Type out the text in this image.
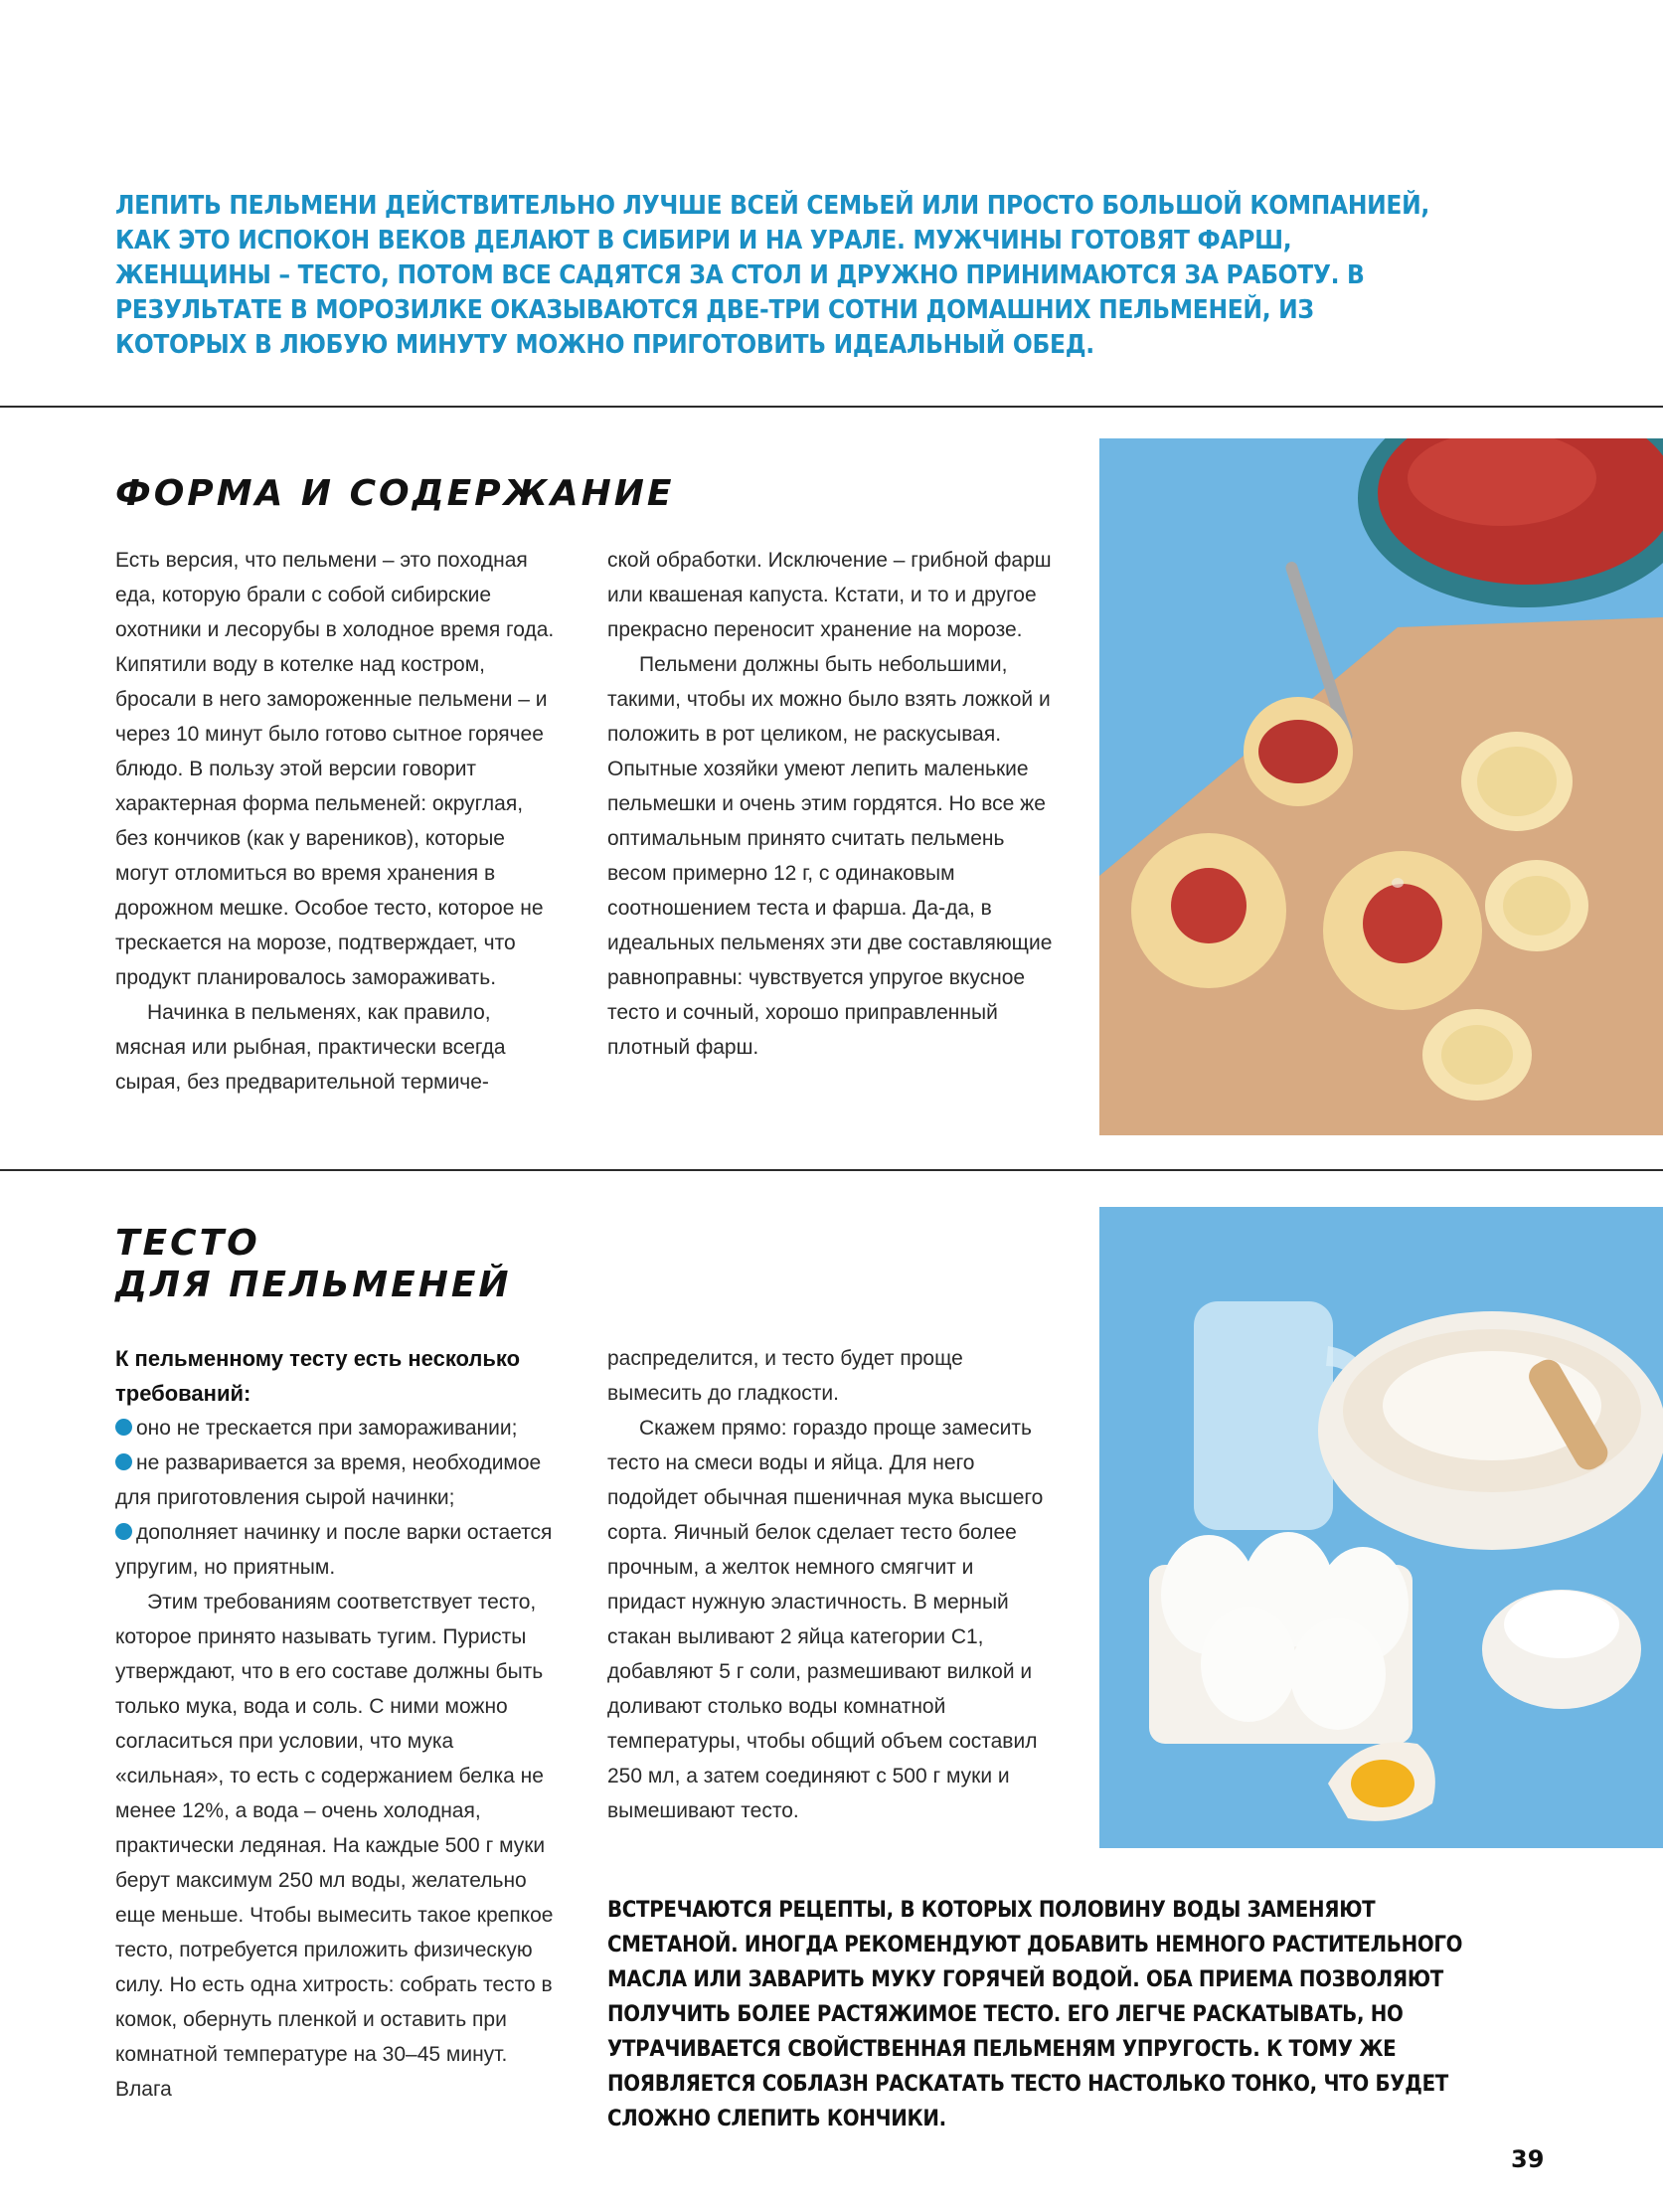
ЛЕПИТЬ ПЕЛЬМЕНИ ДЕЙСТВИТЕЛЬНО ЛУЧШЕ ВСЕЙ СЕМЬЕЙ ИЛИ ПРОСТО БОЛЬШОЙ КОМПАНИЕЙ, КАК ЭТО ИСПОКОН ВЕКОВ ДЕЛАЮТ В СИБИРИ И НА УРАЛЕ. МУЖЧИНЫ ГОТОВЯТ ФАРШ, ЖЕНЩИНЫ – ТЕСТО, ПОТОМ ВСЕ САДЯТСЯ ЗА СТОЛ И ДРУЖНО ПРИНИМАЮТСЯ ЗА РАБОТУ. В РЕЗУЛЬТАТЕ В МОРОЗИЛКЕ ОКАЗЫВАЮТСЯ ДВЕ-ТРИ СОТНИ ДОМАШНИХ ПЕЛЬМЕНЕЙ, ИЗ КОТОРЫХ В ЛЮБУЮ МИНУТУ МОЖНО ПРИГОТОВИТЬ ИДЕАЛЬНЫЙ ОБЕД.
ФОРМА И СОДЕРЖАНИЕ

Есть версия, что пельмени – это походная еда, которую брали с собой сибирские охотники и лесорубы в холодное время года. Кипятили воду в котелке над костром, бросали в него замороженные пельмени – и через 10 минут было готово сытное горячее блюдо. В пользу этой версии говорит характерная форма пельменей: округлая, без кончиков (как у вареников), которые могут отломиться во время хранения в дорожном мешке. Особое тесто, которое не трескается на морозе, подтверждает, что продукт планировалось замораживать.

Начинка в пельменях, как правило, мясная или рыбная, практически всегда сырая, без предварительной термиче-

ской обработки. Исключение – грибной фарш или квашеная капуста. Кстати, и то и другое прекрасно переносит хранение на морозе.

Пельмени должны быть небольшими, такими, чтобы их можно было взять ложкой и положить в рот целиком, не раскусывая. Опытные хозяйки умеют лепить маленькие пельмешки и очень этим гордятся. Но все же оптимальным принято считать пельмень весом примерно 12 г, с одинаковым соотношением теста и фарша. Да-да, в идеальных пельменях эти две составляющие равноправны: чувствуется упругое вкусное тесто и сочный, хорошо приправленный плотный фарш.

ТЕСТО
ДЛЯ ПЕЛЬМЕНЕЙ

К пельменному тесту есть несколько требований:

оно не трескается при замораживании;

не разваривается за время, необходимое для приготовления сырой начинки;

дополняет начинку и после варки остается упругим, но приятным.

Этим требованиям соответствует тесто, которое принято называть тугим. Пуристы утверждают, что в его составе должны быть только мука, вода и соль. С ними можно согласиться при условии, что мука «сильная», то есть с содержанием белка не менее 12%, а вода – очень холодная, практически ледяная. На каждые 500 г муки берут максимум 250 мл воды, желательно еще меньше. Чтобы вымесить такое крепкое тесто, потребуется приложить физическую силу. Но есть одна хитрость: собрать тесто в комок, обернуть пленкой и оставить при комнатной температуре на 30–45 минут. Влага

распределится, и тесто будет проще вымесить до гладкости.

Скажем прямо: гораздо проще замесить тесто на смеси воды и яйца. Для него подойдет обычная пшеничная мука высшего сорта. Яичный белок сделает тесто более прочным, а желток немного смягчит и придаст нужную эластичность. В мерный стакан выливают 2 яйца категории С1, добавляют 5 г соли, размешивают вилкой и доливают столько воды комнатной температуры, чтобы общий объем составил 250 мл, а затем соединяют с 500 г муки и вымешивают тесто.

ВСТРЕЧАЮТСЯ РЕЦЕПТЫ, В КОТОРЫХ ПОЛОВИНУ ВОДЫ ЗАМЕНЯЮТ СМЕТАНОЙ. ИНОГДА РЕКОМЕНДУЮТ ДОБАВИТЬ НЕМНОГО РАСТИТЕЛЬНОГО МАСЛА ИЛИ ЗАВАРИТЬ МУКУ ГОРЯЧЕЙ ВОДОЙ. ОБА ПРИЕМА ПОЗВОЛЯЮТ ПОЛУЧИТЬ БОЛЕЕ РАСТЯЖИМОЕ ТЕСТО. ЕГО ЛЕГЧЕ РАСКАТЫВАТЬ, НО УТРАЧИВАЕТСЯ СВОЙСТВЕННАЯ ПЕЛЬМЕНЯМ УПРУГОСТЬ. К ТОМУ ЖЕ ПОЯВЛЯЕТСЯ СОБЛАЗН РАСКАТАТЬ ТЕСТО НАСТОЛЬКО ТОНКО, ЧТО БУДЕТ СЛОЖНО СЛЕПИТЬ КОНЧИКИ.
39
